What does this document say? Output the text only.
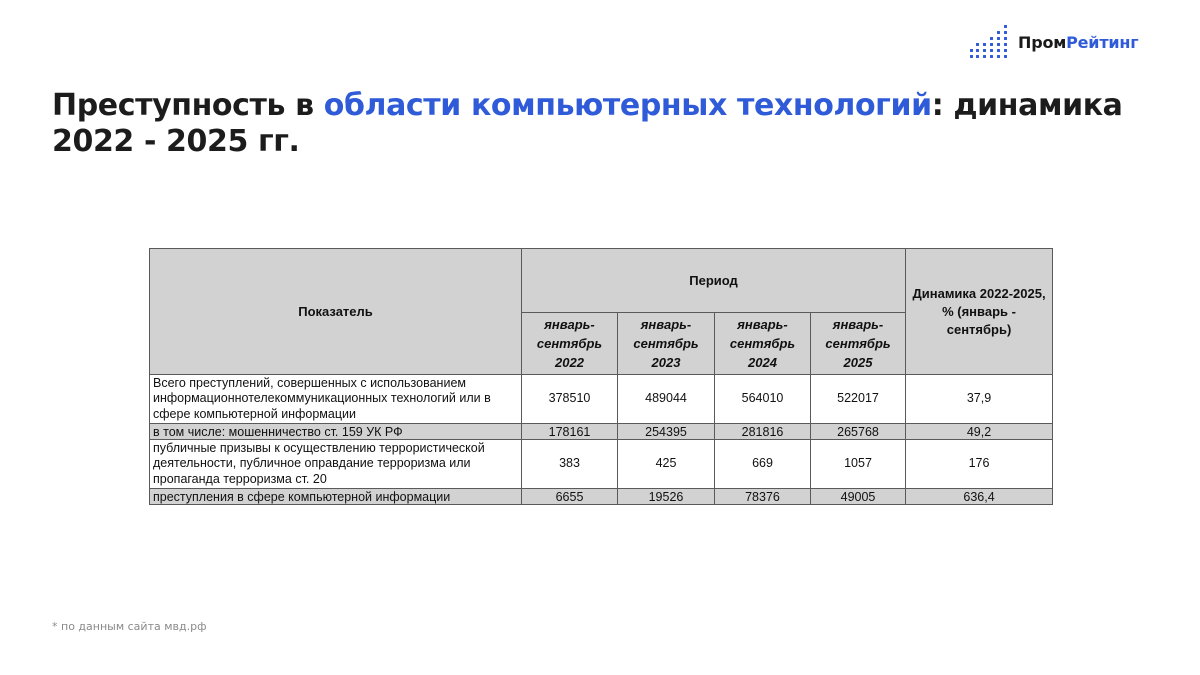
ПромРейтинг
Преступность в области компьютерных технологий: динамика 2022 - 2025 гг.
Показатель	Период				Динамика 2022-2025, % (январь - сентябрь)
	январь-сентябрь 2022	январь-сентябрь 2023	январь-сентябрь 2024	январь-сентябрь 2025	
Всего преступлений, совершенных с использованием информационнотелекоммуникационных технологий или в сфере компьютерной информации	378510	489044	564010	522017	37,9
в том числе: мошенничество ст. 159 УК РФ	178161	254395	281816	265768	49,2
публичные призывы к осуществлению террористической деятельности, публичное оправдание терроризма или пропаганда терроризма ст. 20	383	425	669	1057	176
преступления в сфере компьютерной информации	6655	19526	78376	49005	636,4
* по данным сайта мвд.рф
